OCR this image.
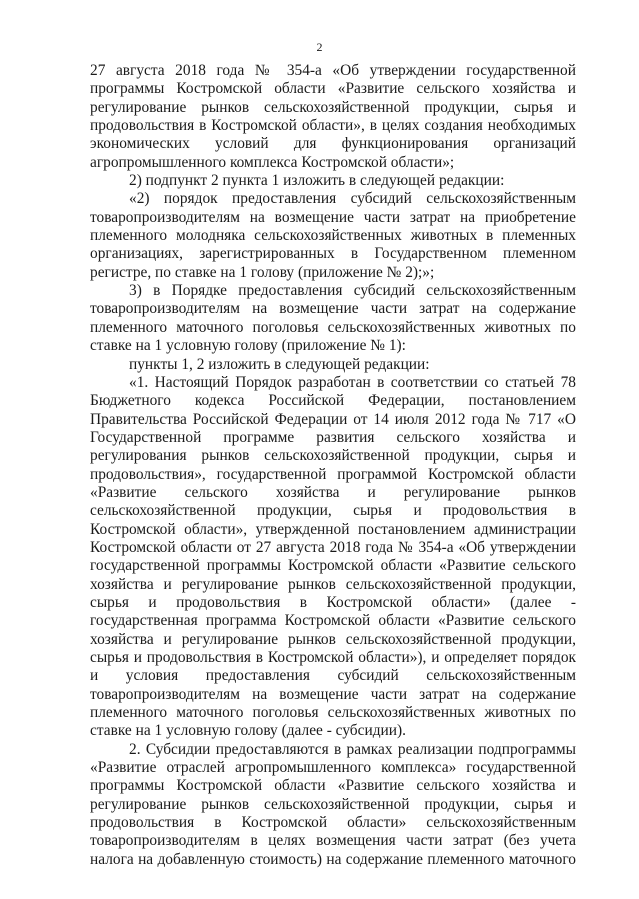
2

27 августа 2018 года № 354-а «Об утверждении государственной программы Костромской области «Развитие сельского хозяйства и регулирование рынков сельскохозяйственной продукции, сырья и продовольствия в Костромской области», в целях создания необходимых экономических условий для функционирования организаций агропромышленного комплекса Костромской области»;

2) подпункт 2 пункта 1 изложить в следующей редакции:

«2) порядок предоставления субсидий сельскохозяйственным товаропроизводителям на возмещение части затрат на приобретение племенного молодняка сельскохозяйственных животных в племенных организациях, зарегистрированных в Государственном племенном регистре, по ставке на 1 голову (приложение № 2);»;

3) в Порядке предоставления субсидий сельскохозяйственным товаропроизводителям на возмещение части затрат на содержание племенного маточного поголовья сельскохозяйственных животных по ставке на 1 условную голову (приложение № 1):

пункты 1, 2 изложить в следующей редакции:

«1. Настоящий Порядок разработан в соответствии со статьей 78 Бюджетного кодекса Российской Федерации, постановлением Правительства Российской Федерации от 14 июля 2012 года № 717 «О Государственной программе развития сельского хозяйства и регулирования рынков сельскохозяйственной продукции, сырья и продовольствия», государственной программой Костромской области «Развитие сельского хозяйства и регулирование рынков сельскохозяйственной продукции, сырья и продовольствия в Костромской области», утвержденной постановлением администрации Костромской области от 27 августа 2018 года № 354-а «Об утверждении государственной программы Костромской области «Развитие сельского хозяйства и регулирование рынков сельскохозяйственной продукции, сырья и продовольствия в Костромской области» (далее - государственная программа Костромской области «Развитие сельского хозяйства и регулирование рынков сельскохозяйственной продукции, сырья и продовольствия в Костромской области»), и определяет порядок и условия предоставления субсидий сельскохозяйственным товаропроизводителям на возмещение части затрат на содержание племенного маточного поголовья сельскохозяйственных животных по ставке на 1 условную голову (далее - субсидии).

2. Субсидии предоставляются в рамках реализации подпрограммы «Развитие отраслей агропромышленного комплекса» государственной программы Костромской области «Развитие сельского хозяйства и регулирование рынков сельскохозяйственной продукции, сырья и продовольствия в Костромской области» сельскохозяйственным товаропроизводителям в целях возмещения части затрат (без учета налога на добавленную стоимость) на содержание племенного маточного
